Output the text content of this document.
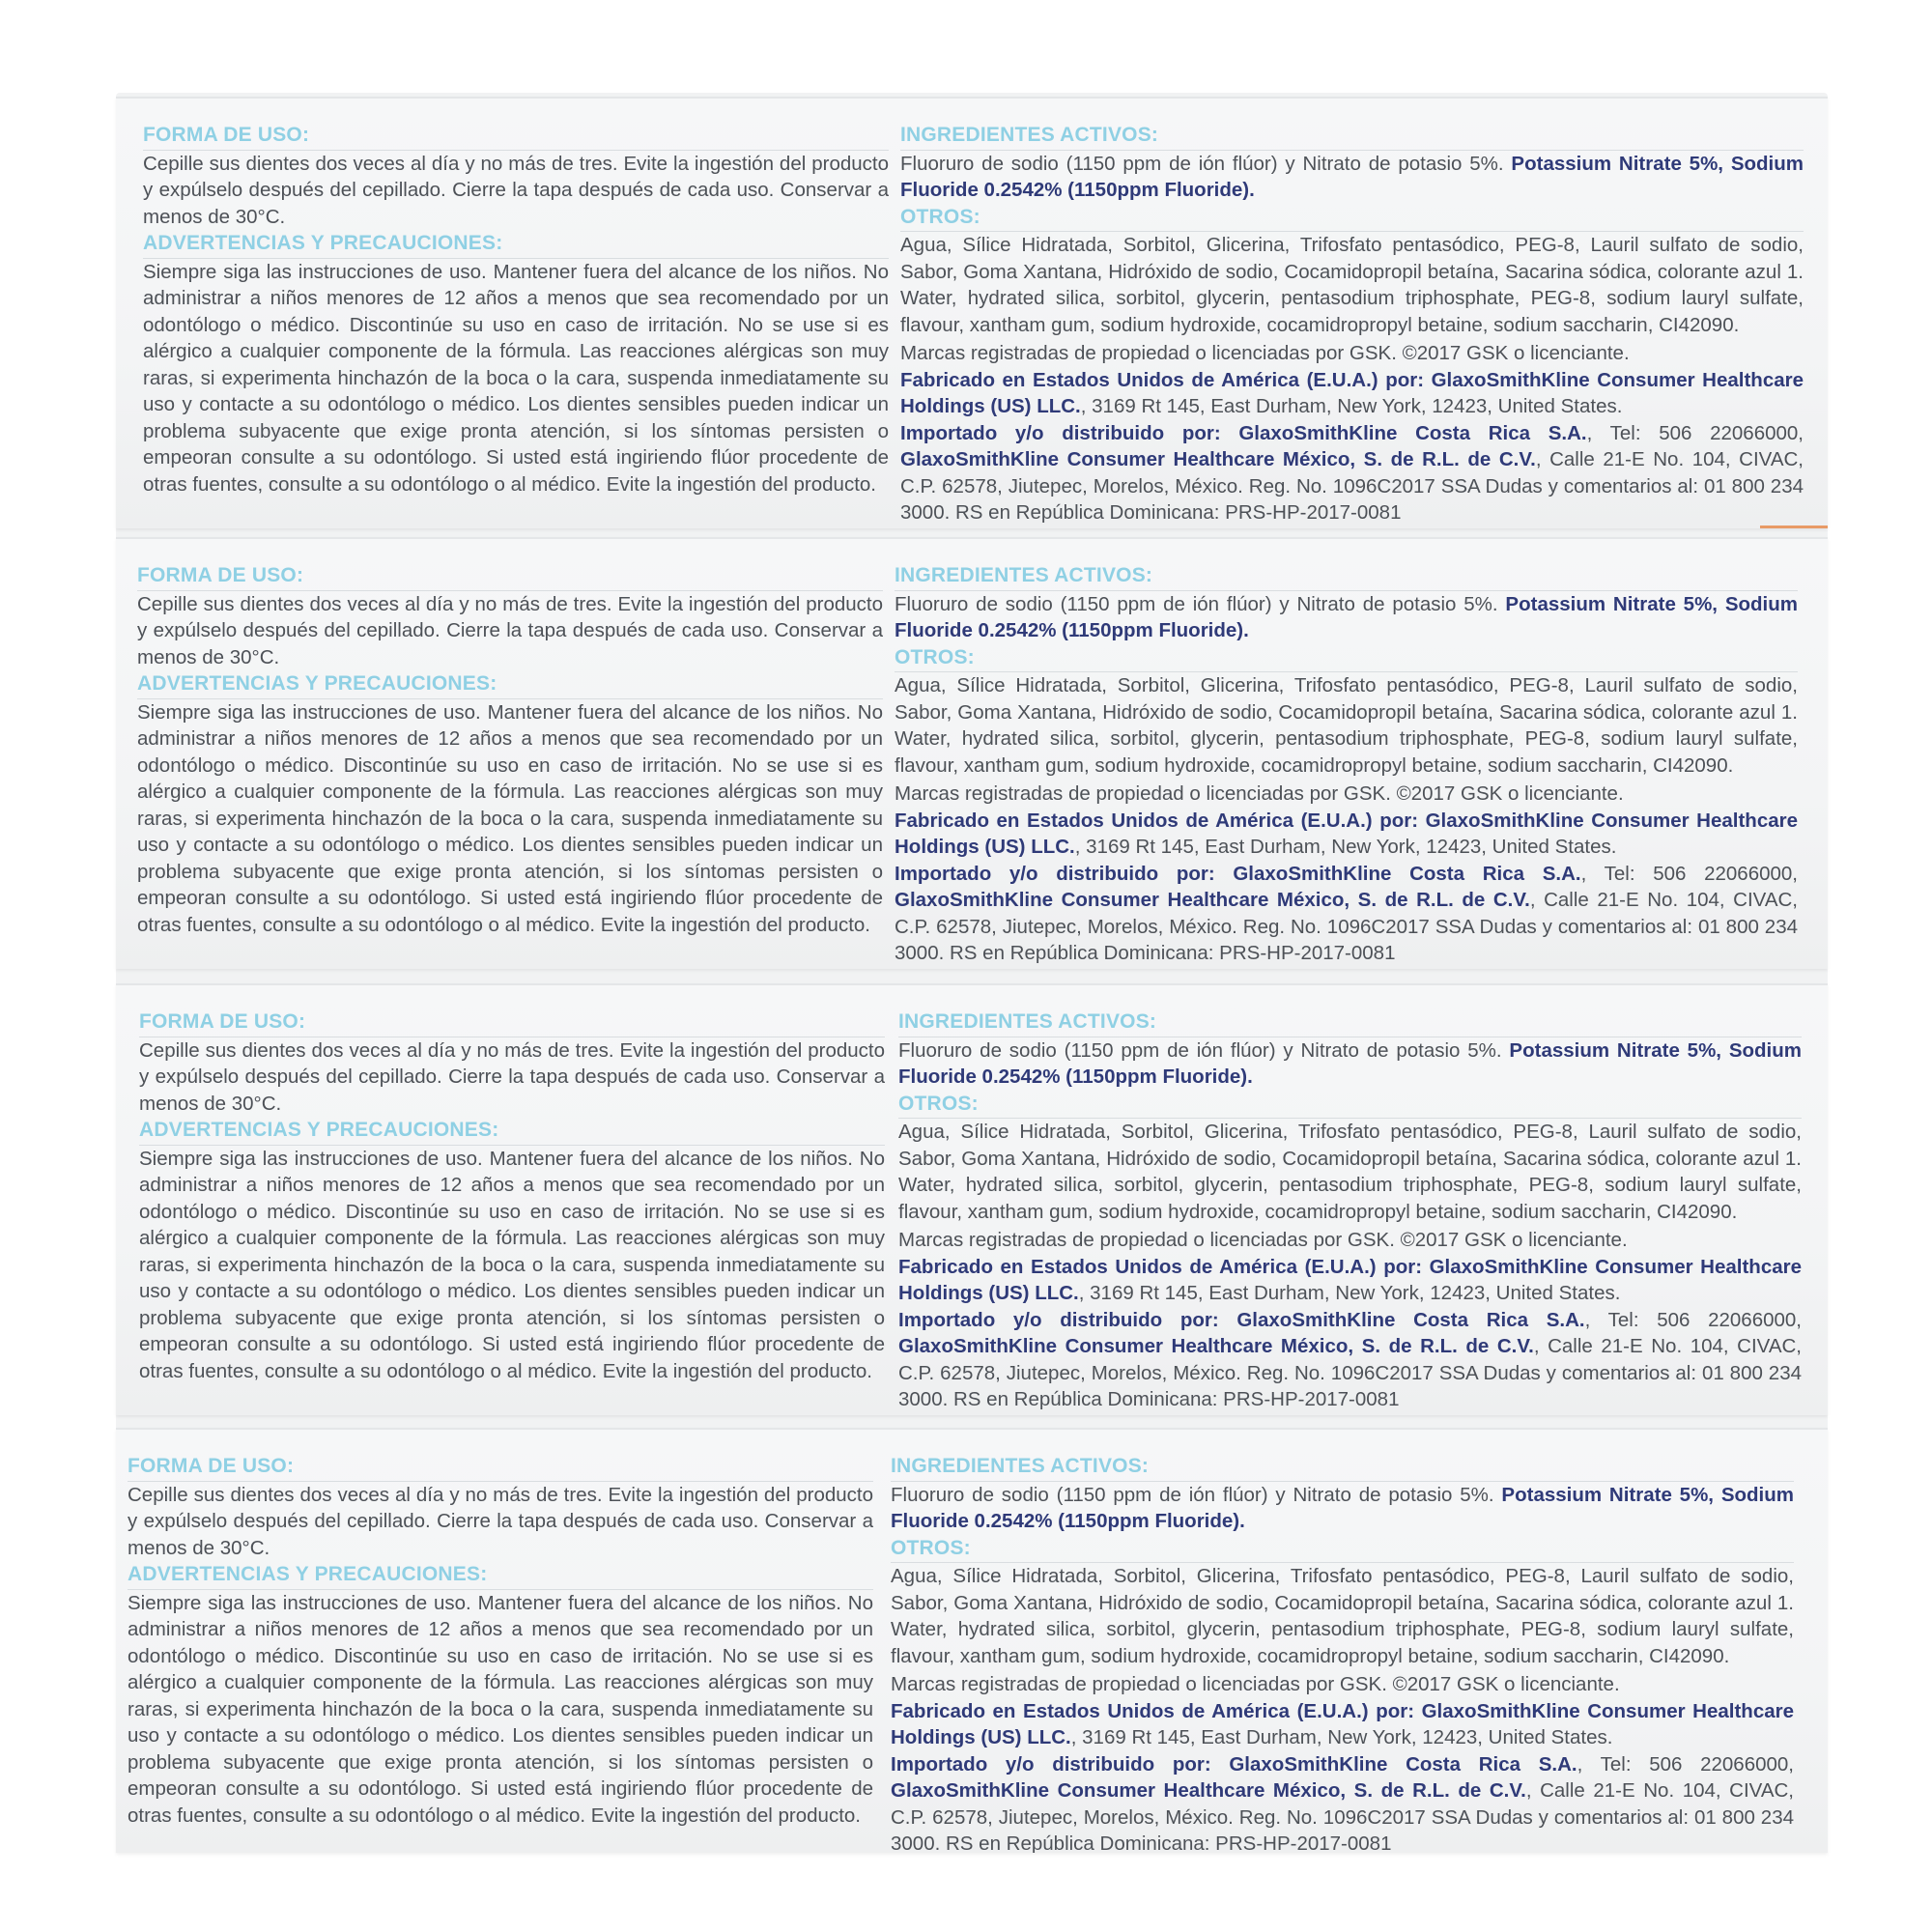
FORMA DE USO:

Cepille sus dientes dos veces al día y no más de tres. Evite la ingestión del producto y expúlselo después del cepillado. Cierre la tapa después de cada uso. Conservar a menos de 30°C.

ADVERTENCIAS Y PRECAUCIONES:

Siempre siga las instrucciones de uso. Mantener fuera del alcance de los niños. No administrar a niños menores de 12 años a menos que sea recomendado por un odontólogo o médico. Discontinúe su uso en caso de irritación. No se use si es alérgico a cualquier componente de la fórmula. Las reacciones alérgicas son muy raras, si experimenta hinchazón de la boca o la cara, suspenda inmediatamente su uso y contacte a su odontólogo o médico. Los dientes sensibles pueden indicar un problema subyacente que exige pronta atención, si los síntomas persisten o empeoran consulte a su odontólogo. Si usted está ingiriendo flúor procedente de otras fuentes, consulte a su odontólogo o al médico. Evite la ingestión del producto.

INGREDIENTES ACTIVOS:

Fluoruro de sodio (1150 ppm de ión flúor) y Nitrato de potasio 5%. Potassium Nitrate 5%, Sodium Fluoride 0.2542% (1150ppm Fluoride).

OTROS:

Agua, Sílice Hidratada, Sorbitol, Glicerina, Trifosfato pentasódico, PEG-8, Lauril sulfato de sodio, Sabor, Goma Xantana, Hidróxido de sodio, Cocamidopropil betaína, Sacarina sódica, colorante azul 1. Water, hydrated silica, sorbitol, glycerin, pentasodium triphosphate, PEG-8, sodium lauryl sulfate, flavour, xantham gum, sodium hydroxide, cocamidropropyl betaine, sodium saccharin, CI42090.

Marcas registradas de propiedad o licenciadas por GSK. ©2017 GSK o licenciante.

Fabricado en Estados Unidos de América (E.U.A.) por: GlaxoSmithKline Consumer Healthcare Holdings (US) LLC., 3169 Rt 145, East Durham, New York, 12423, United States.

Importado y/o distribuido por: GlaxoSmithKline Costa Rica S.A., Tel: 506 22066000, GlaxoSmithKline Consumer Healthcare México, S. de R.L. de C.V., Calle 21-E No. 104, CIVAC, C.P. 62578, Jiutepec, Morelos, México. Reg. No. 1096C2017 SSA Dudas y comentarios al: 01 800 234 3000. RS en República Dominicana: PRS-HP-2017-0081

FORMA DE USO:

Cepille sus dientes dos veces al día y no más de tres. Evite la ingestión del producto y expúlselo después del cepillado. Cierre la tapa después de cada uso. Conservar a menos de 30°C.

ADVERTENCIAS Y PRECAUCIONES:

Siempre siga las instrucciones de uso. Mantener fuera del alcance de los niños. No administrar a niños menores de 12 años a menos que sea recomendado por un odontólogo o médico. Discontinúe su uso en caso de irritación. No se use si es alérgico a cualquier componente de la fórmula. Las reacciones alérgicas son muy raras, si experimenta hinchazón de la boca o la cara, suspenda inmediatamente su uso y contacte a su odontólogo o médico. Los dientes sensibles pueden indicar un problema subyacente que exige pronta atención, si los síntomas persisten o empeoran consulte a su odontólogo. Si usted está ingiriendo flúor procedente de otras fuentes, consulte a su odontólogo o al médico. Evite la ingestión del producto.

INGREDIENTES ACTIVOS:

Fluoruro de sodio (1150 ppm de ión flúor) y Nitrato de potasio 5%. Potassium Nitrate 5%, Sodium Fluoride 0.2542% (1150ppm Fluoride).

OTROS:

Agua, Sílice Hidratada, Sorbitol, Glicerina, Trifosfato pentasódico, PEG-8, Lauril sulfato de sodio, Sabor, Goma Xantana, Hidróxido de sodio, Cocamidopropil betaína, Sacarina sódica, colorante azul 1. Water, hydrated silica, sorbitol, glycerin, pentasodium triphosphate, PEG-8, sodium lauryl sulfate, flavour, xantham gum, sodium hydroxide, cocamidropropyl betaine, sodium saccharin, CI42090.

Marcas registradas de propiedad o licenciadas por GSK. ©2017 GSK o licenciante.

Fabricado en Estados Unidos de América (E.U.A.) por: GlaxoSmithKline Consumer Healthcare Holdings (US) LLC., 3169 Rt 145, East Durham, New York, 12423, United States.

Importado y/o distribuido por: GlaxoSmithKline Costa Rica S.A., Tel: 506 22066000, GlaxoSmithKline Consumer Healthcare México, S. de R.L. de C.V., Calle 21-E No. 104, CIVAC, C.P. 62578, Jiutepec, Morelos, México. Reg. No. 1096C2017 SSA Dudas y comentarios al: 01 800 234 3000. RS en República Dominicana: PRS-HP-2017-0081

FORMA DE USO:

Cepille sus dientes dos veces al día y no más de tres. Evite la ingestión del producto y expúlselo después del cepillado. Cierre la tapa después de cada uso. Conservar a menos de 30°C.

ADVERTENCIAS Y PRECAUCIONES:

Siempre siga las instrucciones de uso. Mantener fuera del alcance de los niños. No administrar a niños menores de 12 años a menos que sea recomendado por un odontólogo o médico. Discontinúe su uso en caso de irritación. No se use si es alérgico a cualquier componente de la fórmula. Las reacciones alérgicas son muy raras, si experimenta hinchazón de la boca o la cara, suspenda inmediatamente su uso y contacte a su odontólogo o médico. Los dientes sensibles pueden indicar un problema subyacente que exige pronta atención, si los síntomas persisten o empeoran consulte a su odontólogo. Si usted está ingiriendo flúor procedente de otras fuentes, consulte a su odontólogo o al médico. Evite la ingestión del producto.

INGREDIENTES ACTIVOS:

Fluoruro de sodio (1150 ppm de ión flúor) y Nitrato de potasio 5%. Potassium Nitrate 5%, Sodium Fluoride 0.2542% (1150ppm Fluoride).

OTROS:

Agua, Sílice Hidratada, Sorbitol, Glicerina, Trifosfato pentasódico, PEG-8, Lauril sulfato de sodio, Sabor, Goma Xantana, Hidróxido de sodio, Cocamidopropil betaína, Sacarina sódica, colorante azul 1. Water, hydrated silica, sorbitol, glycerin, pentasodium triphosphate, PEG-8, sodium lauryl sulfate, flavour, xantham gum, sodium hydroxide, cocamidropropyl betaine, sodium saccharin, CI42090.

Marcas registradas de propiedad o licenciadas por GSK. ©2017 GSK o licenciante.

Fabricado en Estados Unidos de América (E.U.A.) por: GlaxoSmithKline Consumer Healthcare Holdings (US) LLC., 3169 Rt 145, East Durham, New York, 12423, United States.

Importado y/o distribuido por: GlaxoSmithKline Costa Rica S.A., Tel: 506 22066000, GlaxoSmithKline Consumer Healthcare México, S. de R.L. de C.V., Calle 21-E No. 104, CIVAC, C.P. 62578, Jiutepec, Morelos, México. Reg. No. 1096C2017 SSA Dudas y comentarios al: 01 800 234 3000. RS en República Dominicana: PRS-HP-2017-0081

FORMA DE USO:

Cepille sus dientes dos veces al día y no más de tres. Evite la ingestión del producto y expúlselo después del cepillado. Cierre la tapa después de cada uso. Conservar a menos de 30°C.

ADVERTENCIAS Y PRECAUCIONES:

Siempre siga las instrucciones de uso. Mantener fuera del alcance de los niños. No administrar a niños menores de 12 años a menos que sea recomendado por un odontólogo o médico. Discontinúe su uso en caso de irritación. No se use si es alérgico a cualquier componente de la fórmula. Las reacciones alérgicas son muy raras, si experimenta hinchazón de la boca o la cara, suspenda inmediatamente su uso y contacte a su odontólogo o médico. Los dientes sensibles pueden indicar un problema subyacente que exige pronta atención, si los síntomas persisten o empeoran consulte a su odontólogo. Si usted está ingiriendo flúor procedente de otras fuentes, consulte a su odontólogo o al médico. Evite la ingestión del producto.

INGREDIENTES ACTIVOS:

Fluoruro de sodio (1150 ppm de ión flúor) y Nitrato de potasio 5%. Potassium Nitrate 5%, Sodium Fluoride 0.2542% (1150ppm Fluoride).

OTROS:

Agua, Sílice Hidratada, Sorbitol, Glicerina, Trifosfato pentasódico, PEG-8, Lauril sulfato de sodio, Sabor, Goma Xantana, Hidróxido de sodio, Cocamidopropil betaína, Sacarina sódica, colorante azul 1. Water, hydrated silica, sorbitol, glycerin, pentasodium triphosphate, PEG-8, sodium lauryl sulfate, flavour, xantham gum, sodium hydroxide, cocamidropropyl betaine, sodium saccharin, CI42090.

Marcas registradas de propiedad o licenciadas por GSK. ©2017 GSK o licenciante.

Fabricado en Estados Unidos de América (E.U.A.) por: GlaxoSmithKline Consumer Healthcare Holdings (US) LLC., 3169 Rt 145, East Durham, New York, 12423, United States.

Importado y/o distribuido por: GlaxoSmithKline Costa Rica S.A., Tel: 506 22066000, GlaxoSmithKline Consumer Healthcare México, S. de R.L. de C.V., Calle 21-E No. 104, CIVAC, C.P. 62578, Jiutepec, Morelos, México. Reg. No. 1096C2017 SSA Dudas y comentarios al: 01 800 234 3000. RS en República Dominicana: PRS-HP-2017-0081
